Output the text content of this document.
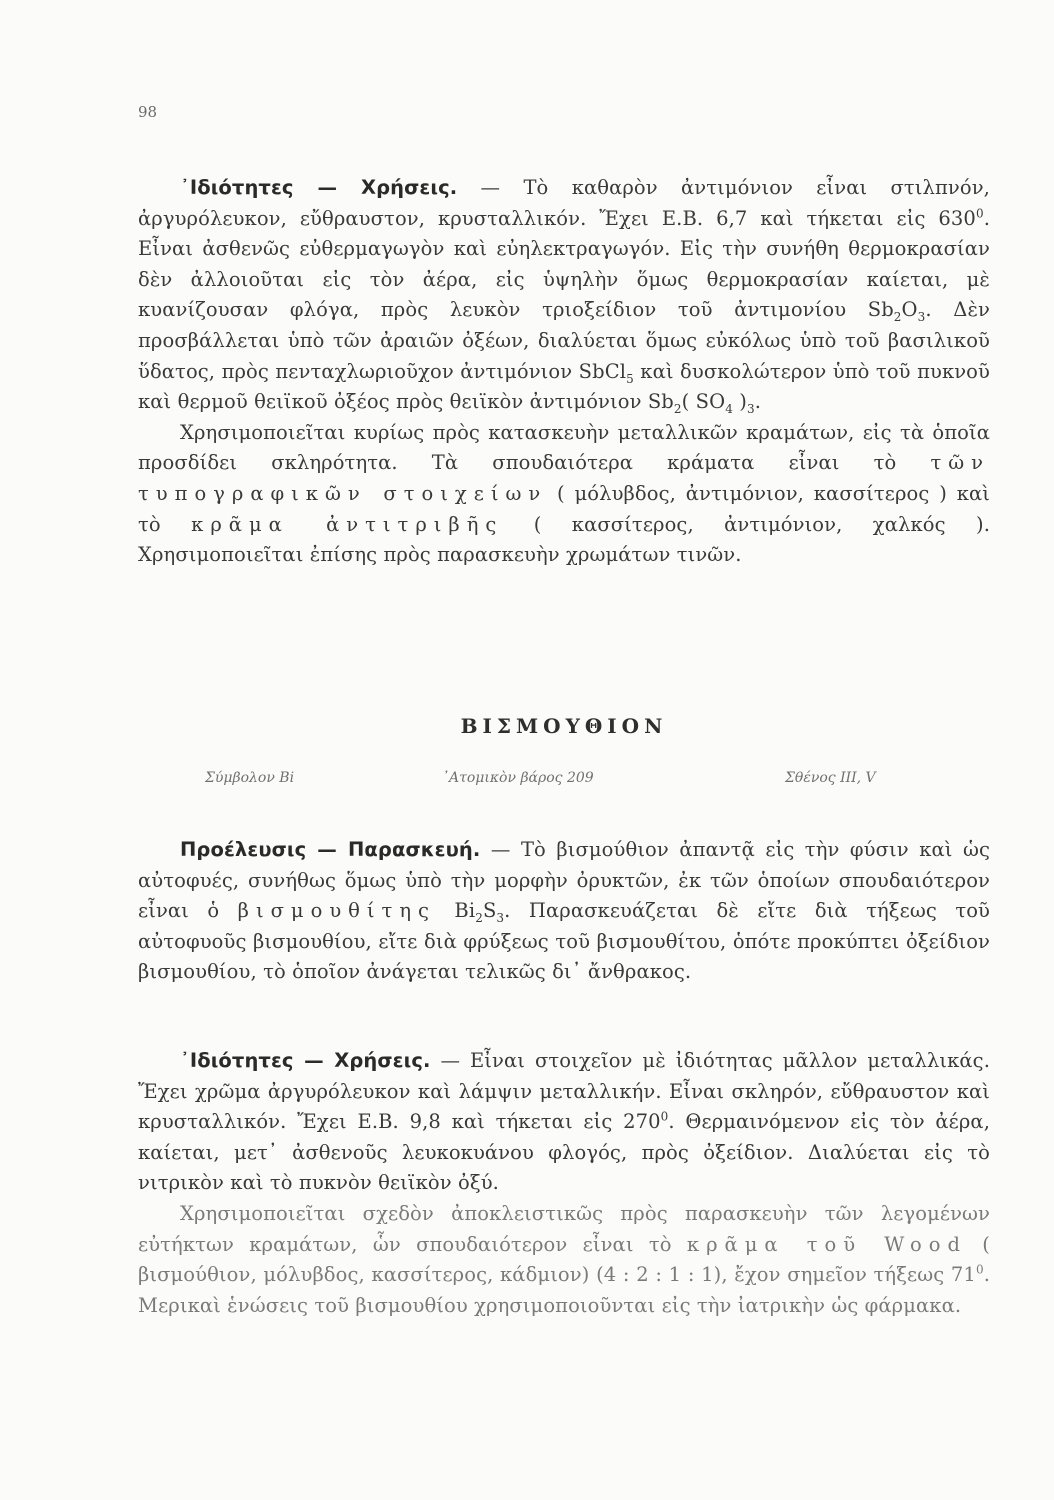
98

᾿Ιδιότητες — Χρήσεις. — Τὸ καθαρὸν ἀντιμόνιον εἶναι στιλπνόν, ἀργυρόλευκον, εὔθραυστον, κρυσταλλικόν. Ἔχει Ε.Β. 6,7 καὶ τήκεται εἰς $630^0$. Εἶναι ἀσθενῶς εὐθερμαγωγὸν καὶ εὐηλεκτραγωγόν. Εἰς τὴν συνήθη θερμοκρασίαν δὲν ἀλλοιοῦται εἰς τὸν ἀέρα, εἰς ὑψηλὴν ὅμως θερμοκρασίαν καίεται, μὲ κυανίζουσαν φλόγα, πρὸς λευκὸν τριοξείδιον τοῦ ἀντιμονίου $Sb_2O_3$. Δὲν προσβάλλεται ὑπὸ τῶν ἀραιῶν ὀξέων, διαλύεται ὅμως εὐκόλως ὑπὸ τοῦ βασιλικοῦ ὕδατος, πρὸς πενταχλωριοῦχον ἀντιμόνιον SbCl$_5$ καὶ δυσκολώτερον ὑπὸ τοῦ πυκνοῦ καὶ θερμοῦ θειϊκοῦ ὀξέος πρὸς θειϊκὸν ἀντιμόνιον $Sb_2$( $SO_4$ )$_3$.

Χρησιμοποιεῖται κυρίως πρὸς κατασκευὴν μεταλλικῶν κραμάτων, εἰς τὰ ὁποῖα προσδίδει σκληρότητα. Τὰ σπουδαιότερα κράματα εἶναι τὸ τῶν τυπογραφικῶν στοιχείων ( μόλυβδος, ἀντιμόνιον, κασσίτερος ) καὶ τὸ κρᾶμα ἀντιτριβῆς ( κασσίτερος, ἀντιμόνιον, χαλκός ). Χρησιμοποιεῖται ἐπίσης πρὸς παρασκευὴν χρωμάτων τινῶν.

ΒΙΣΜΟΥΘΙΟΝ
Σύμβολον Bi	᾿Ατομικὸν βάρος 209	Σθένος III, V

Προέλευσις — Παρασκευή. — Τὸ βισμούθιον ἀπαντᾷ εἰς τὴν φύσιν καὶ ὡς αὐτοφυές, συνήθως ὅμως ὑπὸ τὴν μορφὴν ὀρυκτῶν, ἐκ τῶν ὁποίων σπουδαιότερον εἶναι ὁ βισμουθίτης $Bi_2S_3$. Παρασκευάζεται δὲ εἴτε διὰ τήξεως τοῦ αὐτοφυοῦς βισμουθίου, εἴτε διὰ φρύξεως τοῦ βισμουθίτου, ὁπότε προκύπτει ὀξείδιον βισμουθίου, τὸ ὁποῖον ἀνάγεται τελικῶς δι᾿ ἄνθρακος.

᾿Ιδιότητες — Χρήσεις. — Εἶναι στοιχεῖον μὲ ἰδιότητας μᾶλλον μεταλλικάς. Ἔχει χρῶμα ἀργυρόλευκον καὶ λάμψιν μεταλλικήν. Εἶναι σκληρόν, εὔθραυστον καὶ κρυσταλλικόν. Ἔχει Ε.Β. 9,8 καὶ τήκεται εἰς $270^0$. Θερμαινόμενον εἰς τὸν ἀέρα, καίεται, μετ᾿ ἀσθενοῦς λευκοκυάνου φλογός, πρὸς ὀξείδιον. Διαλύεται εἰς τὸ νιτρικὸν καὶ τὸ πυκνὸν θειϊκὸν ὀξύ.

Χρησιμοποιεῖται σχεδὸν ἀποκλειστικῶς πρὸς παρασκευὴν τῶν λεγομένων εὐτήκτων κραμάτων, ὧν σπουδαιότερον εἶναι τὸ κρᾶμα τοῦ Wood ( βισμούθιον, μόλυβδος, κασσίτερος, κάδμιον) (4 : 2 : 1 : 1), ἔχον σημεῖον τήξεως $71^0$. Μερικαὶ ἑνώσεις τοῦ βισμουθίου χρησιμοποιοῦνται εἰς τὴν ἰατρικὴν ὡς φάρμακα.
